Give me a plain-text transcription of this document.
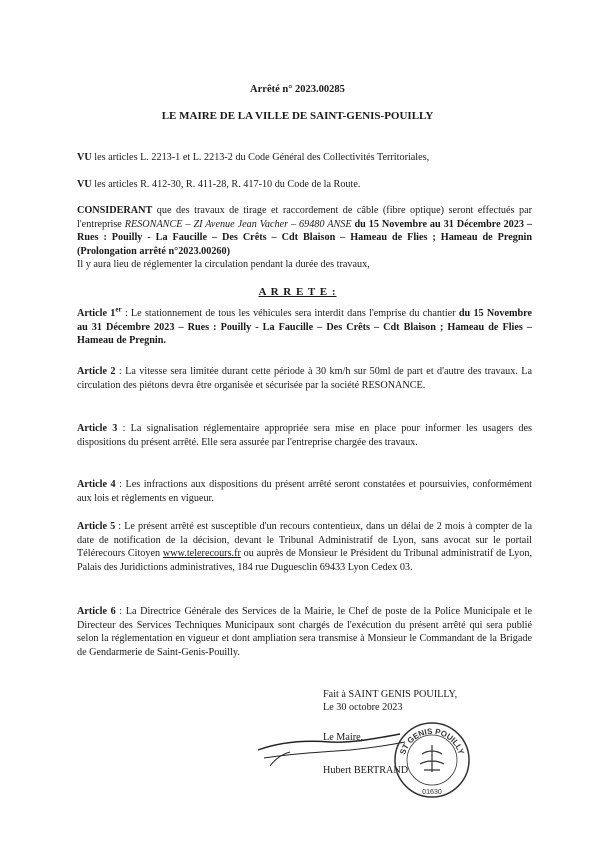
Arrêté n° 2023.00285
LE MAIRE DE LA VILLE DE SAINT-GENIS-POUILLY
VU les articles L. 2213-1 et L. 2213-2 du Code Général des Collectivités Territoriales,
VU les articles R. 412-30, R. 411-28, R. 417-10 du Code de la Route.
CONSIDERANT que des travaux de tirage et raccordement de câble (fibre optique) seront effectués par l'entreprise RESONANCE – ZI Avenue Jean Vacher – 69480 ANSE du 15 Novembre au 31 Décembre 2023 – Rues : Pouilly - La Faucille – Des Crêts – Cdt Blaison – Hameau de Flies ; Hameau de Pregnin (Prolongation arrêté n°2023.00260)
Il y aura lieu de réglementer la circulation pendant la durée des travaux,
A R R E T E :
Article 1er : Le stationnement de tous les véhicules sera interdit dans l'emprise du chantier du 15 Novembre au 31 Décembre 2023 – Rues : Pouilly - La Faucille – Des Crêts – Cdt Blaison ; Hameau de Flies – Hameau de Pregnin.
Article 2 : La vitesse sera limitée durant cette période à 30 km/h sur 50ml de part et d'autre des travaux. La circulation des piétons devra être organisée et sécurisée par la société RESONANCE.
Article 3 : La signalisation réglementaire appropriée sera mise en place pour informer les usagers des dispositions du présent arrêté. Elle sera assurée par l'entreprise chargée des travaux.
Article 4 : Les infractions aux dispositions du présent arrêté seront constatées et poursuivies, conformément aux lois et règlements en vigueur.
Article 5 : Le présent arrêté est susceptible d'un recours contentieux, dans un délai de 2 mois à compter de la date de notification de la décision, devant le Tribunal Administratif de Lyon, sans avocat sur le portail Télérecours Citoyen www.telerecours.fr ou auprès de Monsieur le Président du Tribunal administratif de Lyon, Palais des Juridictions administratives, 184 rue Duguesclin 69433 Lyon Cedex 03.
Article 6 : La Directrice Générale des Services de la Mairie, le Chef de poste de la Police Municipale et le Directeur des Services Techniques Municipaux sont chargés de l'exécution du présent arrêté qui sera publié selon la réglementation en vigueur et dont ampliation sera transmise à Monsieur le Commandant de la Brigade de Gendarmerie de Saint-Genis-Pouilly.
Fait à SAINT GENIS POUILLY,
Le 30 octobre 2023
Le Maire,
Hubert BERTRAND
ST GENIS POUILLY
01630
